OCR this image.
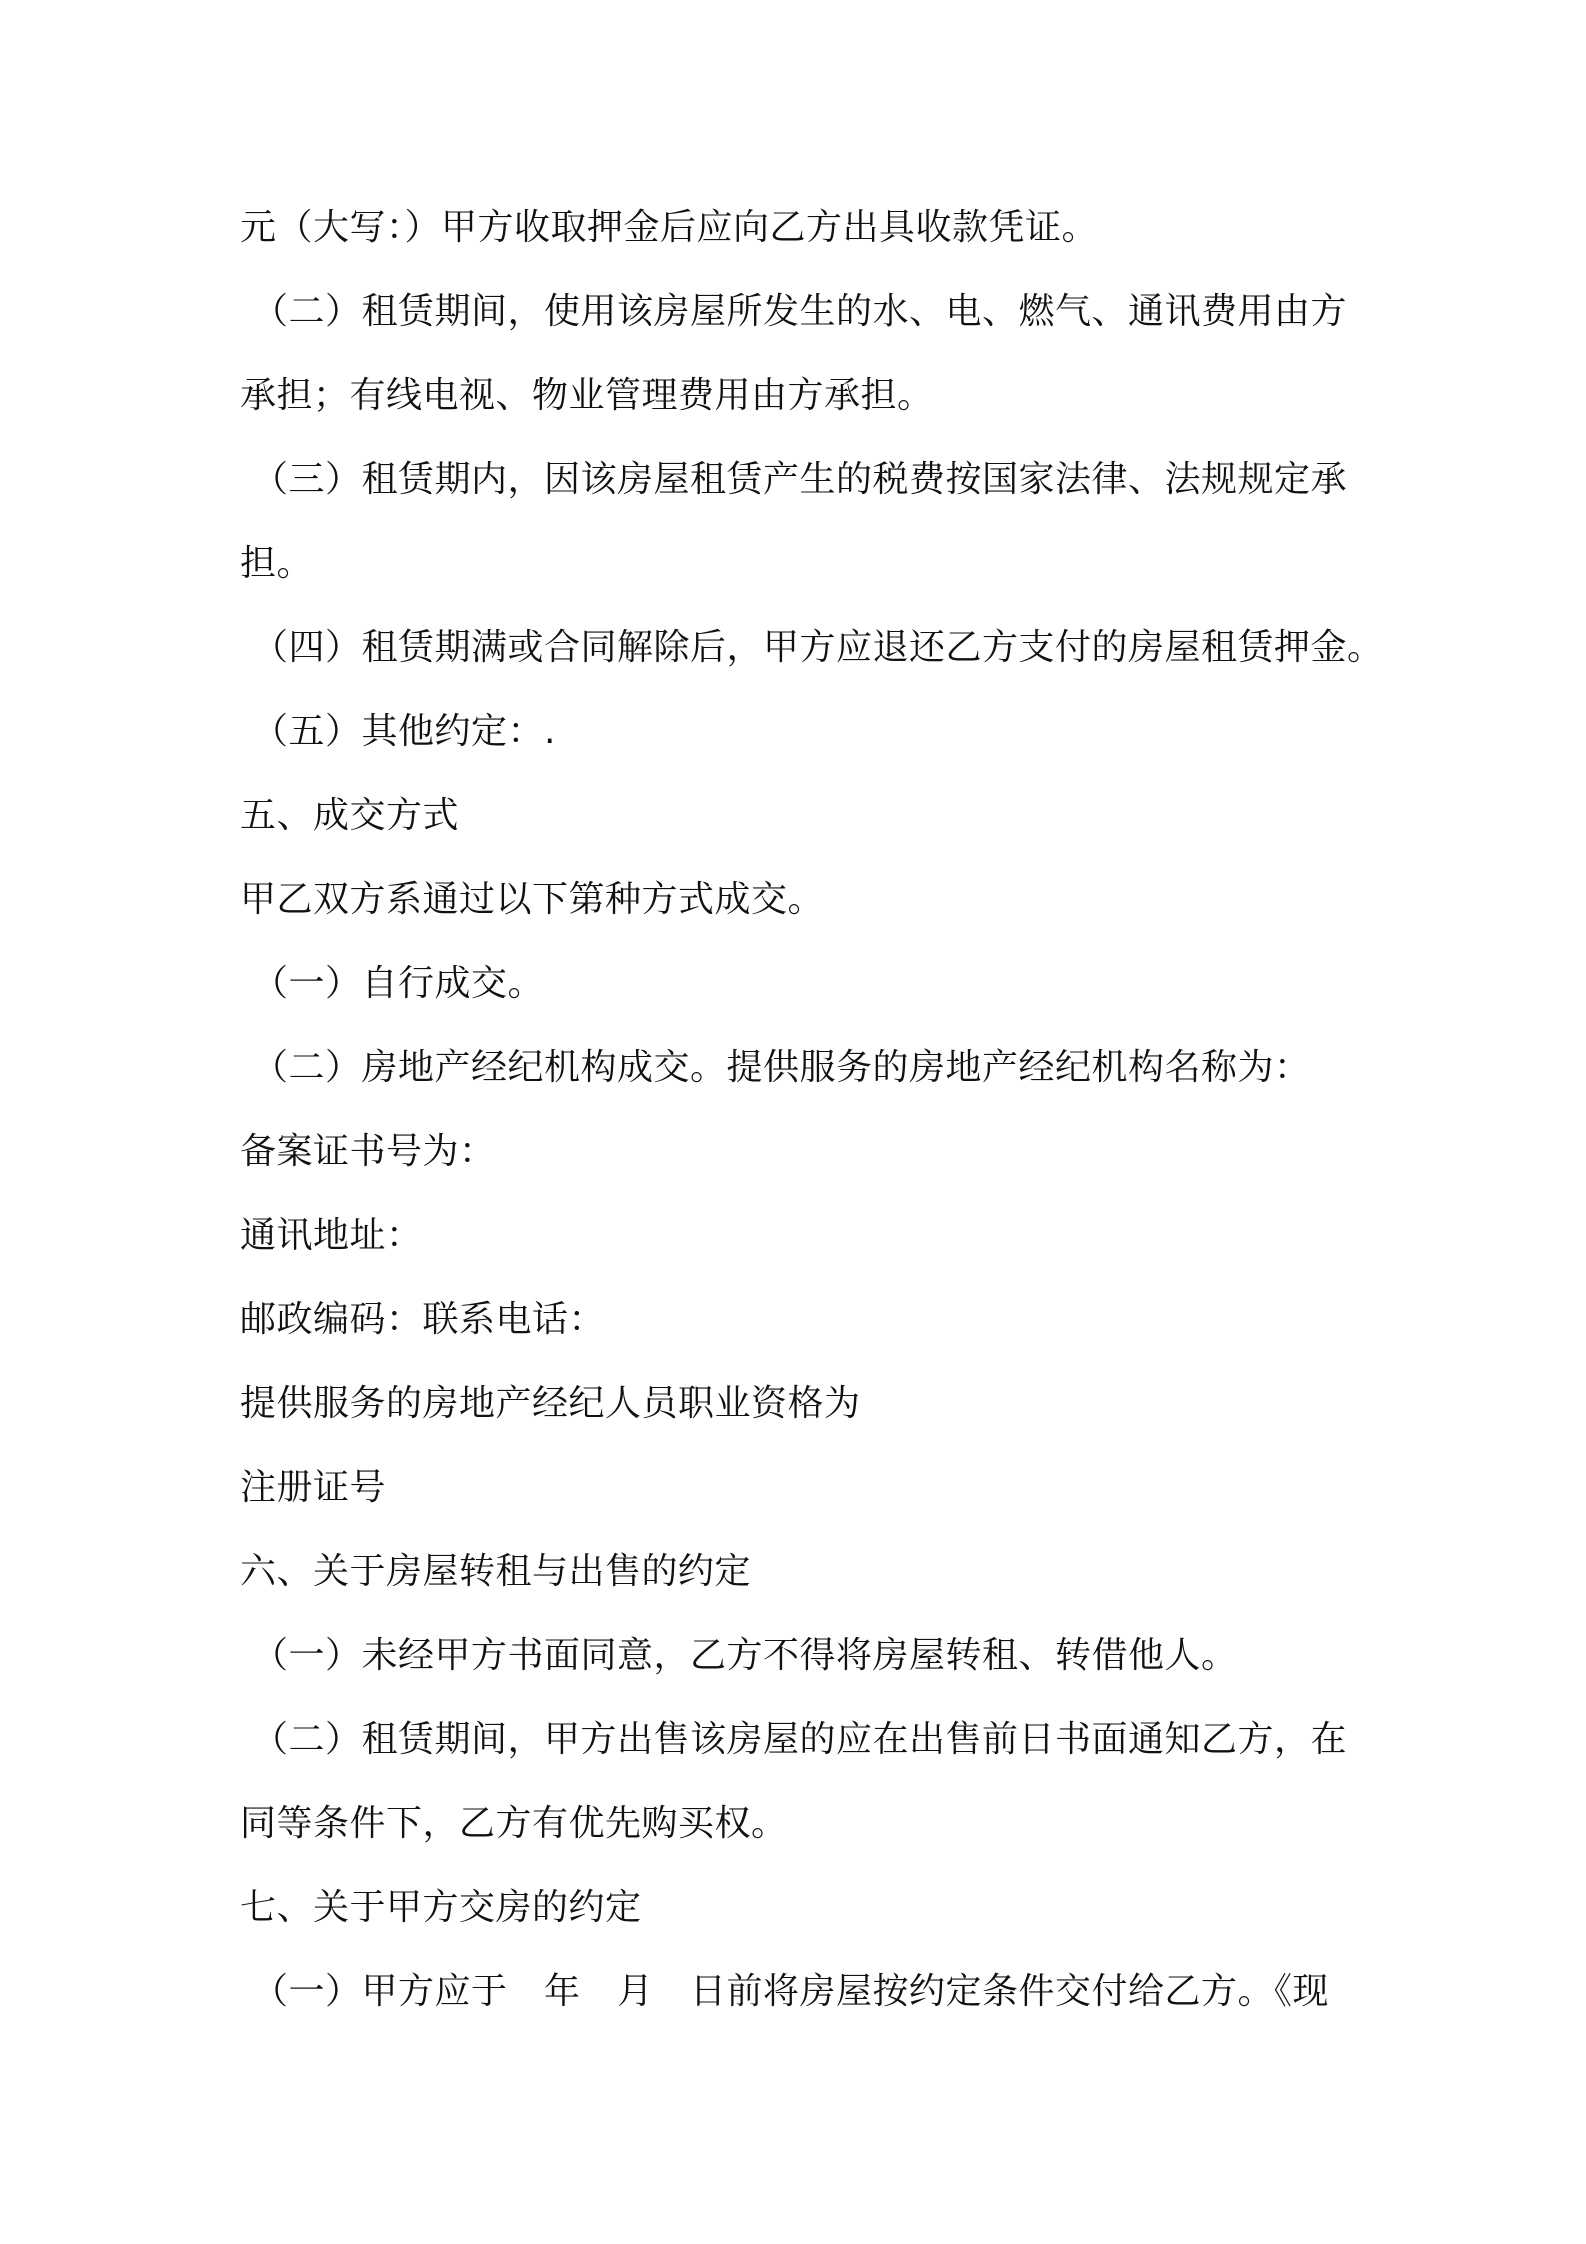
元（大写：）甲方收取押金后应向乙方出具收款凭证。
（二）租赁期间，使用该房屋所发生的水、电、燃气、通讯费用由方
承担；有线电视、物业管理费用由方承担。
（三）租赁期内，因该房屋租赁产生的税费按国家法律、法规规定承
担。
（四）租赁期满或合同解除后，甲方应退还乙方支付的房屋租赁押金。
（五）其他约定：.
五、成交方式
甲乙双方系通过以下第种方式成交。
（一）自行成交。
（二）房地产经纪机构成交。提供服务的房地产经纪机构名称为：
备案证书号为：
通讯地址：
邮政编码：联系电话：
提供服务的房地产经纪人员职业资格为
注册证号
六、关于房屋转租与出售的约定
（一）未经甲方书面同意，乙方不得将房屋转租、转借他人。
（二）租赁期间，甲方出售该房屋的应在出售前日书面通知乙方，在
同等条件下，乙方有优先购买权。
七、关于甲方交房的约定
（一）甲方应于　年　月　日前将房屋按约定条件交付给乙方。《现
